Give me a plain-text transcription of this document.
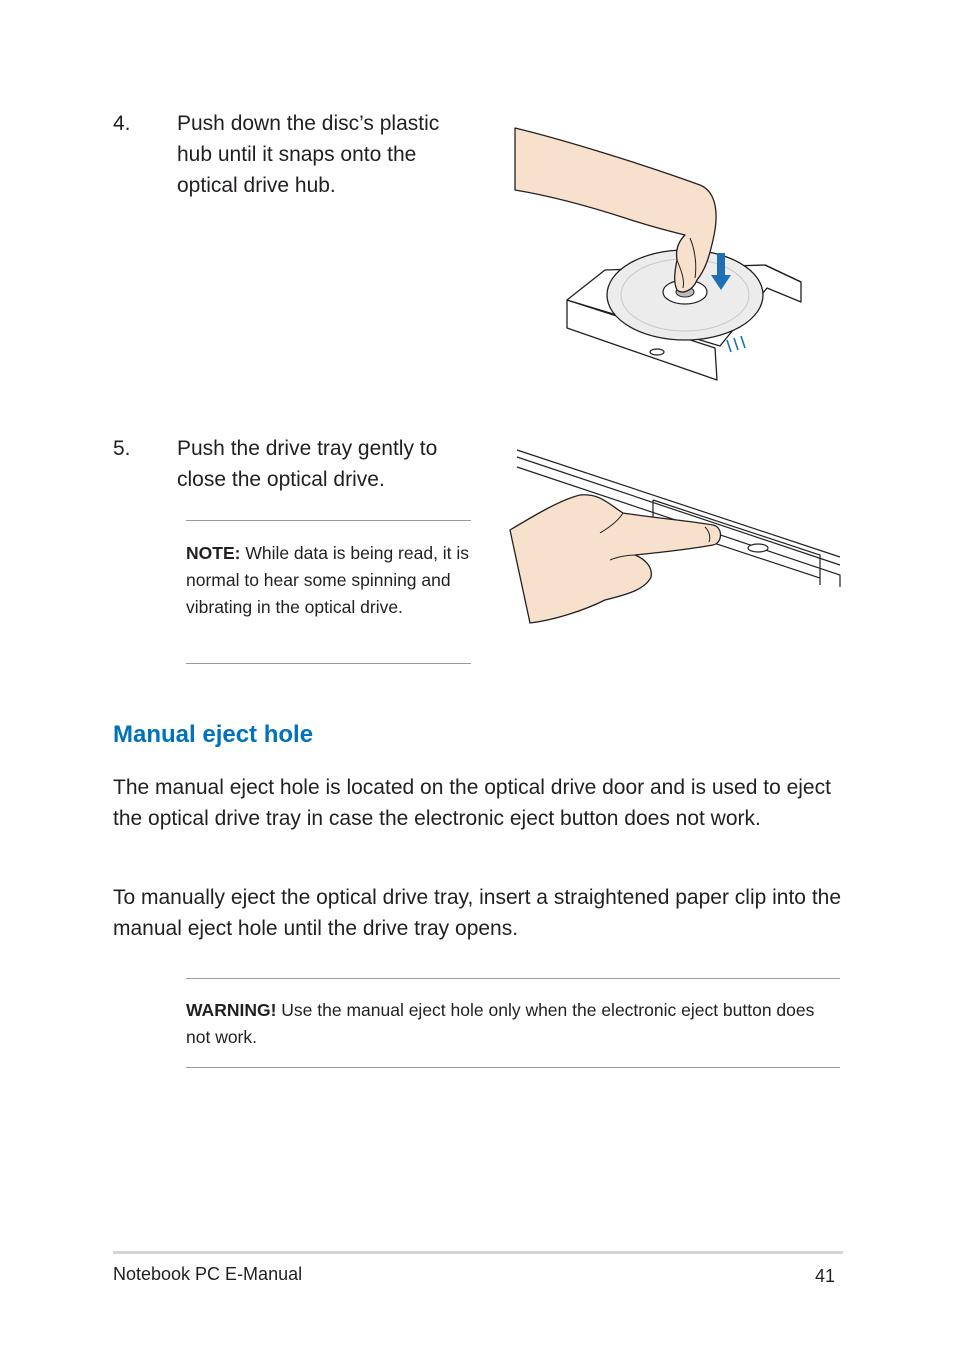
4. Push down the disc’s plastic hub until it snaps onto the optical drive hub.
5. Push the drive tray gently to close the optical drive.
NOTE: While data is being read, it is normal to hear some spinning and vibrating in the optical drive.
Manual eject hole
The manual eject hole is located on the optical drive door and is used to eject the optical drive tray in case the electronic eject button does not work.
To manually eject the optical drive tray, insert a straightened paper clip into the manual eject hole until the drive tray opens.
WARNING! Use the manual eject hole only when the electronic eject button does not work.
Notebook PC E-Manual	41
